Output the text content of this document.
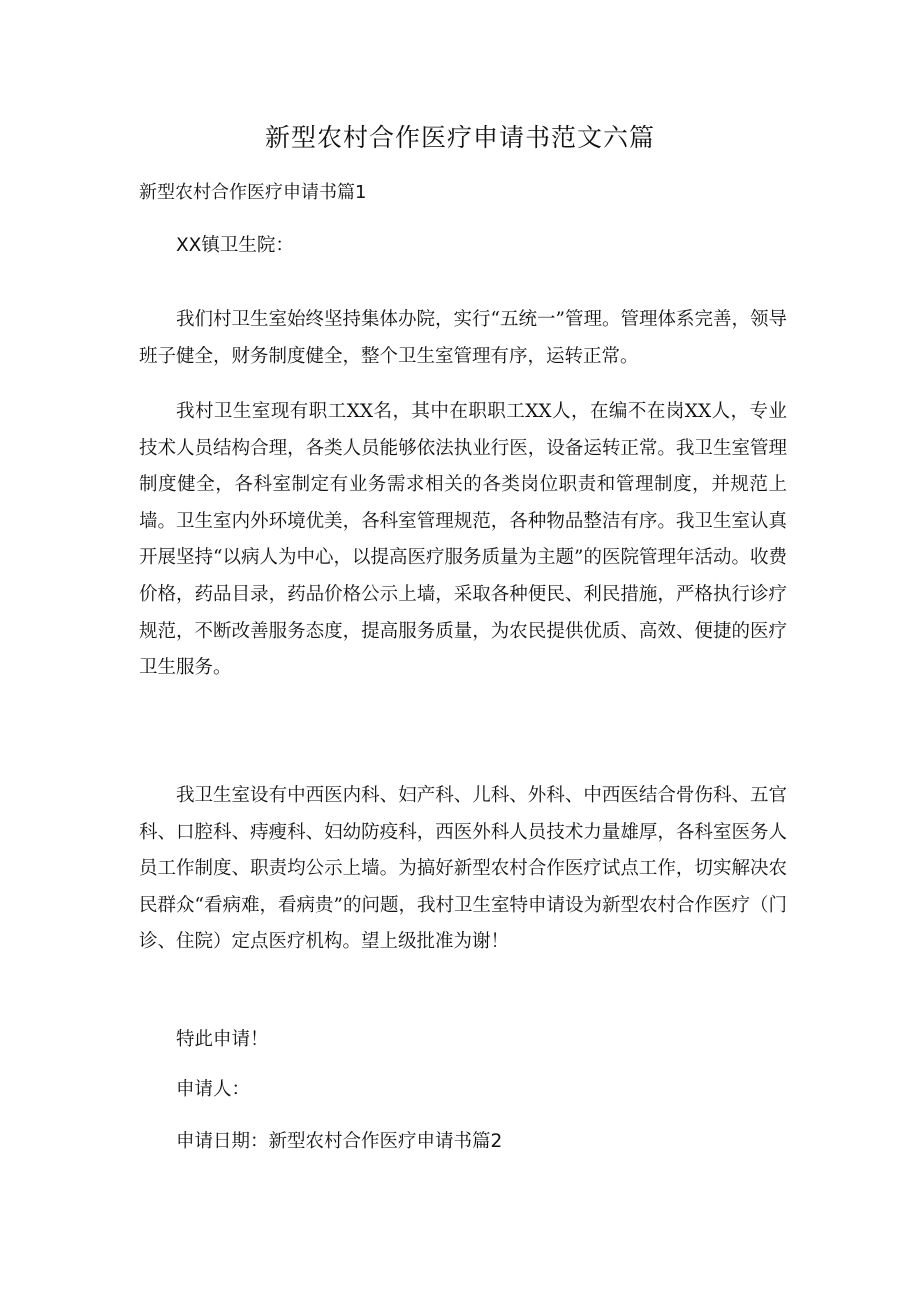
新型农村合作医疗申请书范文六篇
新型农村合作医疗申请书篇1

XX镇卫生院：

我们村卫生室始终坚持集体办院，实行“五统一”管理。管理体系完善，领导班子健全，财务制度健全，整个卫生室管理有序，运转正常。

我村卫生室现有职工XX名，其中在职职工XX人，在编不在岗XX人，专业技术人员结构合理，各类人员能够依法执业行医，设备运转正常。我卫生室管理制度健全，各科室制定有业务需求相关的各类岗位职责和管理制度，并规范上墙。卫生室内外环境优美，各科室管理规范，各种物品整洁有序。我卫生室认真开展坚持“以病人为中心，以提高医疗服务质量为主题”的医院管理年活动。收费价格，药品目录，药品价格公示上墙，采取各种便民、利民措施，严格执行诊疗规范，不断改善服务态度，提高服务质量，为农民提供优质、高效、便捷的医疗卫生服务。

我卫生室设有中西医内科、妇产科、儿科、外科、中西医结合骨伤科、五官科、口腔科、痔瘦科、妇幼防疫科，西医外科人员技术力量雄厚，各科室医务人员工作制度、职责均公示上墙。为搞好新型农村合作医疗试点工作，切实解决农民群众“看病难，看病贵”的问题，我村卫生室特申请设为新型农村合作医疗（门诊、住院）定点医疗机构。望上级批准为谢！

特此申请！

申请人：

申请日期：新型农村合作医疗申请书篇2
